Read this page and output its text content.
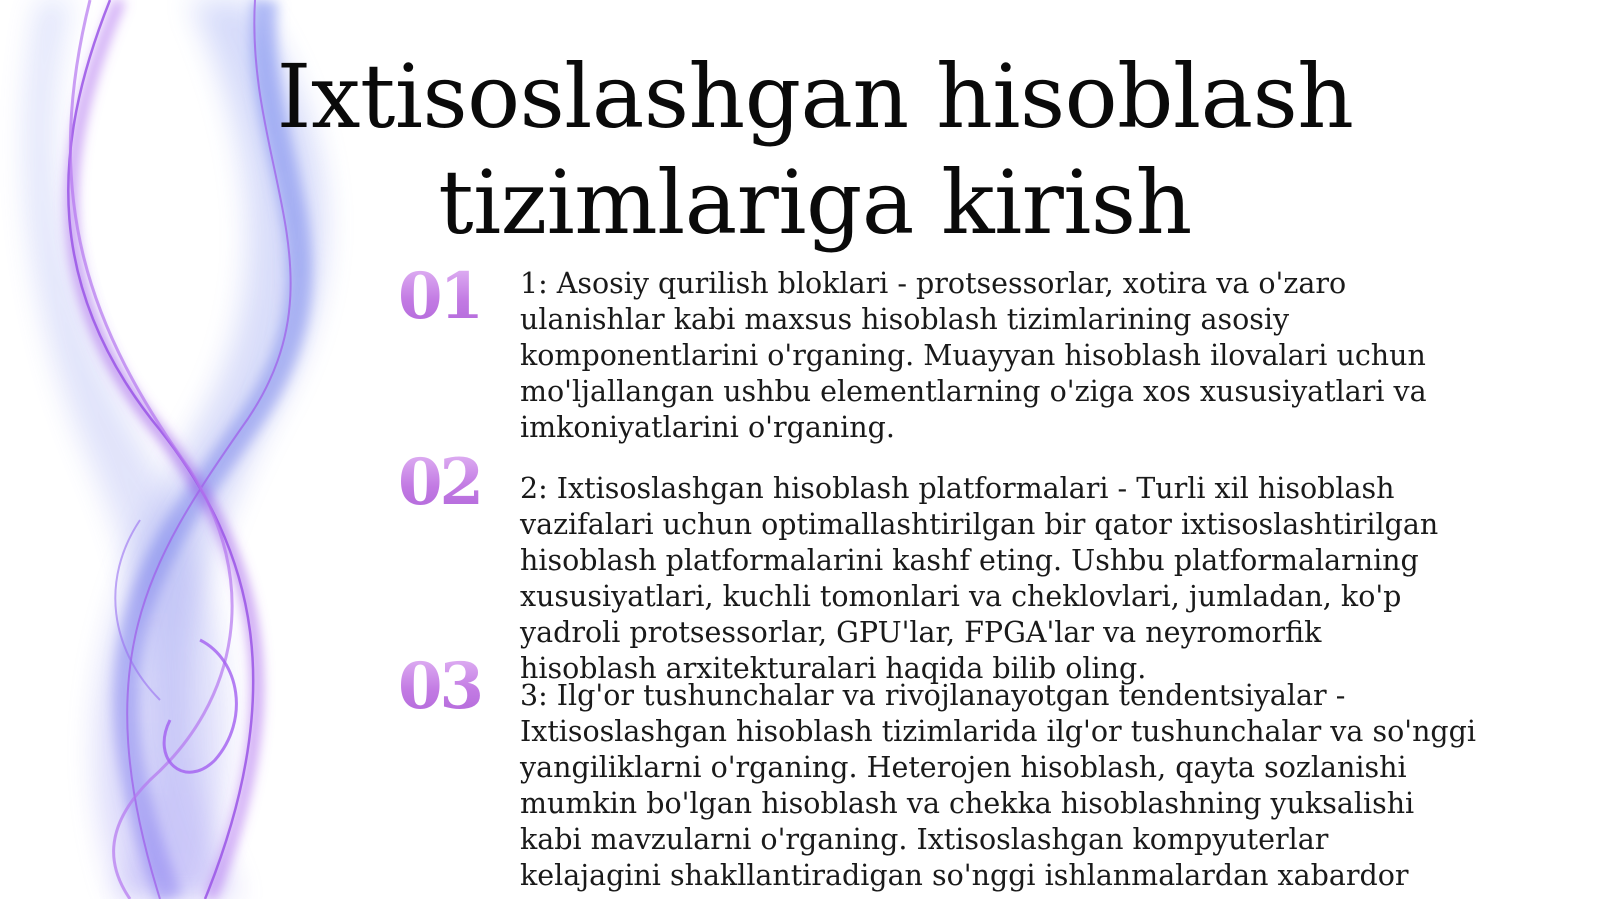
Ixtisoslashgan hisoblash
tizimlariga kirish
01 1: Asosiy qurilish bloklari - protsessorlar, xotira va o'zaro
ulanishlar kabi maxsus hisoblash tizimlarining asosiy
komponentlarini o'rganing. Muayyan hisoblash ilovalari uchun
mo'ljallangan ushbu elementlarning o'ziga xos xususiyatlari va
imkoniyatlarini o'rganing.

02 2: Ixtisoslashgan hisoblash platformalari - Turli xil hisoblash
vazifalari uchun optimallashtirilgan bir qator ixtisoslashtirilgan
hisoblash platformalarini kashf eting. Ushbu platformalarning
xususiyatlari, kuchli tomonlari va cheklovlari, jumladan, ko'p
yadroli protsessorlar, GPU'lar, FPGA'lar va neyromorfik
hisoblash arxitekturalari haqida bilib oling.

03 3: Ilg'or tushunchalar va rivojlanayotgan tendentsiyalar -
Ixtisoslashgan hisoblash tizimlarida ilg'or tushunchalar va so'nggi
yangiliklarni o'rganing. Heterojen hisoblash, qayta sozlanishi
mumkin bo'lgan hisoblash va chekka hisoblashning yuksalishi
kabi mavzularni o'rganing. Ixtisoslashgan kompyuterlar
kelajagini shakllantiradigan so'nggi ishlanmalardan xabardor
